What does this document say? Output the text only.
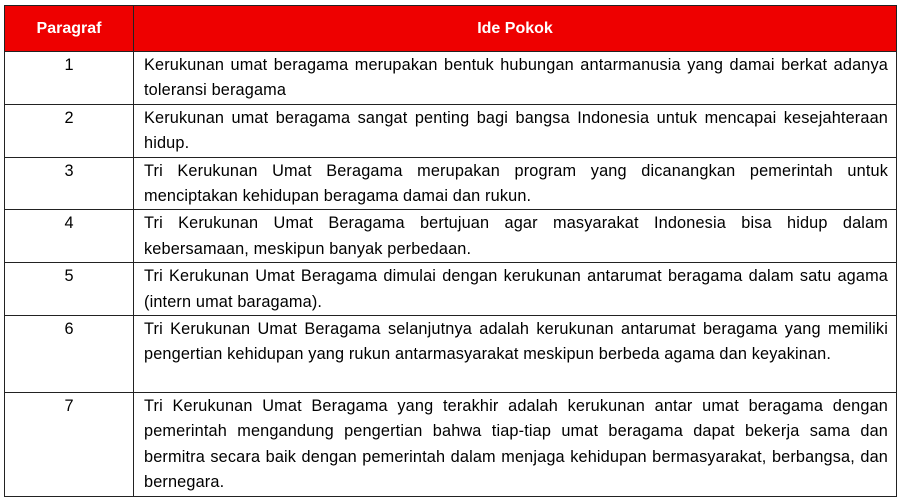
Paragraf	Ide Pokok
1	Kerukunan umat beragama merupakan bentuk hubungan antarmanusia yang damai berkat adanya toleransi beragama
2	Kerukunan umat beragama sangat penting bagi bangsa Indonesia untuk mencapai kesejahteraan hidup.
3	Tri Kerukunan Umat Beragama merupakan program yang dicanangkan pemerintah untuk menciptakan kehidupan beragama damai dan rukun.
4	Tri Kerukunan Umat Beragama bertujuan agar masyarakat Indonesia bisa hidup dalam kebersamaan, meskipun banyak perbedaan.
5	Tri Kerukunan Umat Beragama dimulai dengan kerukunan antarumat beragama dalam satu agama (intern umat baragama).
6	Tri Kerukunan Umat Beragama selanjutnya adalah kerukunan antarumat beragama yang memiliki pengertian kehidupan yang rukun antarmasyarakat meskipun berbeda agama dan keyakinan.
7	Tri Kerukunan Umat Beragama yang terakhir adalah kerukunan antar umat beragama dengan pemerintah mengandung pengertian bahwa tiap-tiap umat beragama dapat bekerja sama dan bermitra secara baik dengan pemerintah dalam menjaga kehidupan bermasyarakat, berbangsa, dan bernegara.
